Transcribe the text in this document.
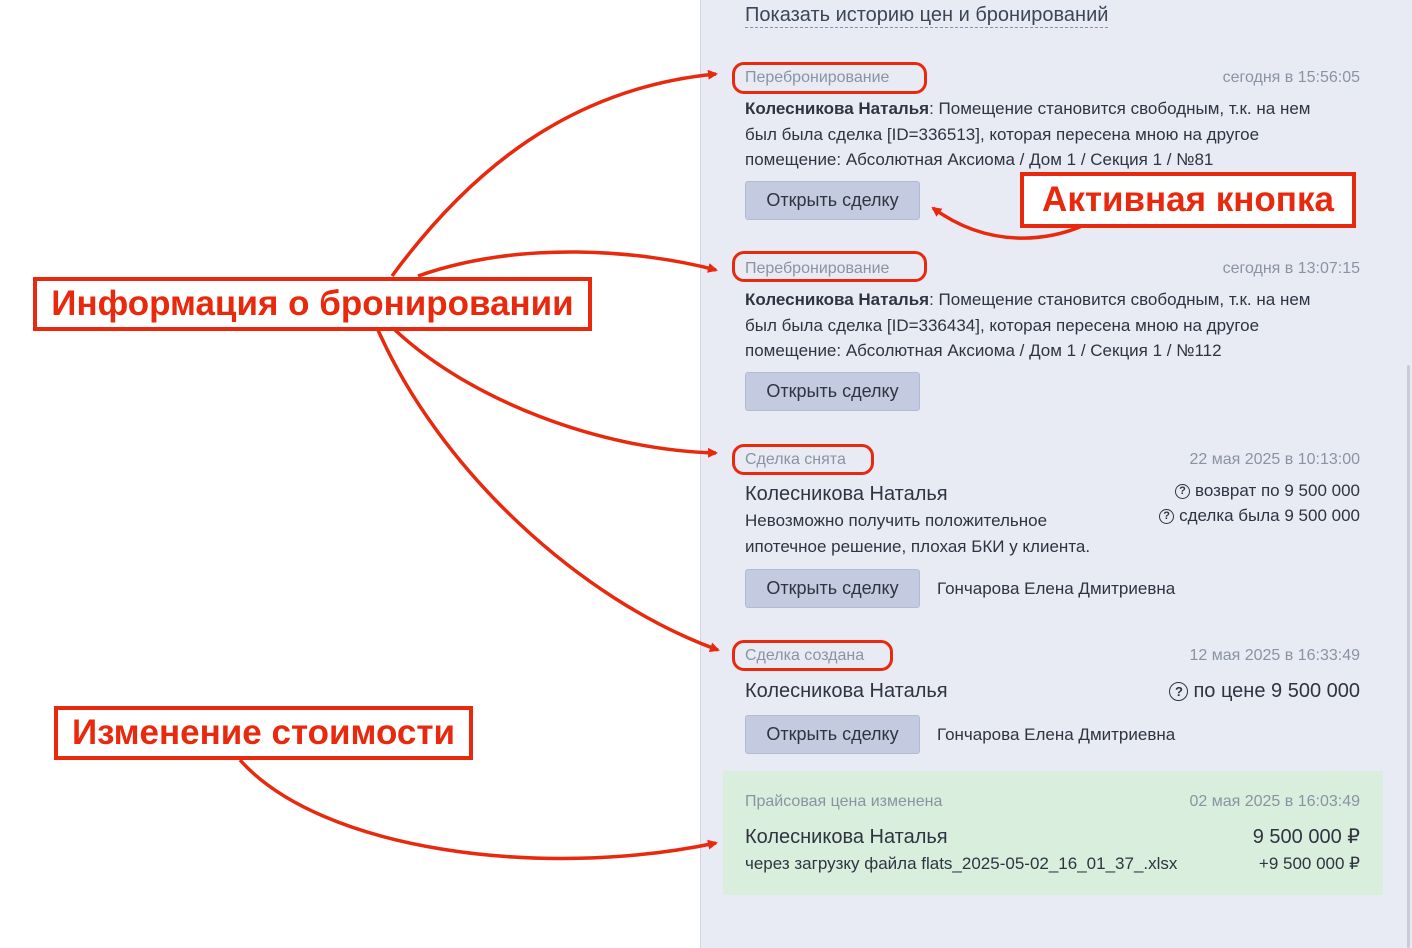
Показать историю цен и бронирований
Перебронирование	сегодня в 15:56:05
Колесникова Наталья: Помещение становится свободным, т.к. на нем
был была сделка [ID=336513], которая пересена мною на другое
помещение: Абсолютная Аксиома / Дом 1 / Секция 1 / №81
Открыть сделку
Перебронирование	сегодня в 13:07:15
Колесникова Наталья: Помещение становится свободным, т.к. на нем
был была сделка [ID=336434], которая пересена мною на другое
помещение: Абсолютная Аксиома / Дом 1 / Секция 1 / №112
Открыть сделку
Сделка снята	22 мая 2025 в 10:13:00
Колесникова Наталья
Невозможно получить положительное
ипотечное решение, плохая БКИ у клиента.
? возврат по 9 500 000
? сделка была 9 500 000
Открыть сделку	Гончарова Елена Дмитриевна
Сделка создана	12 мая 2025 в 16:33:49
Колесникова Наталья	? по цене 9 500 000
Открыть сделку	Гончарова Елена Дмитриевна
Прайсовая цена изменена	02 мая 2025 в 16:03:49
Колесникова Наталья	9 500 000 ₽
через загрузку файла flats_2025-05-02_16_01_37_.xlsx	+9 500 000 ₽
Информация о бронировании
Активная кнопка
Изменение стоимости
